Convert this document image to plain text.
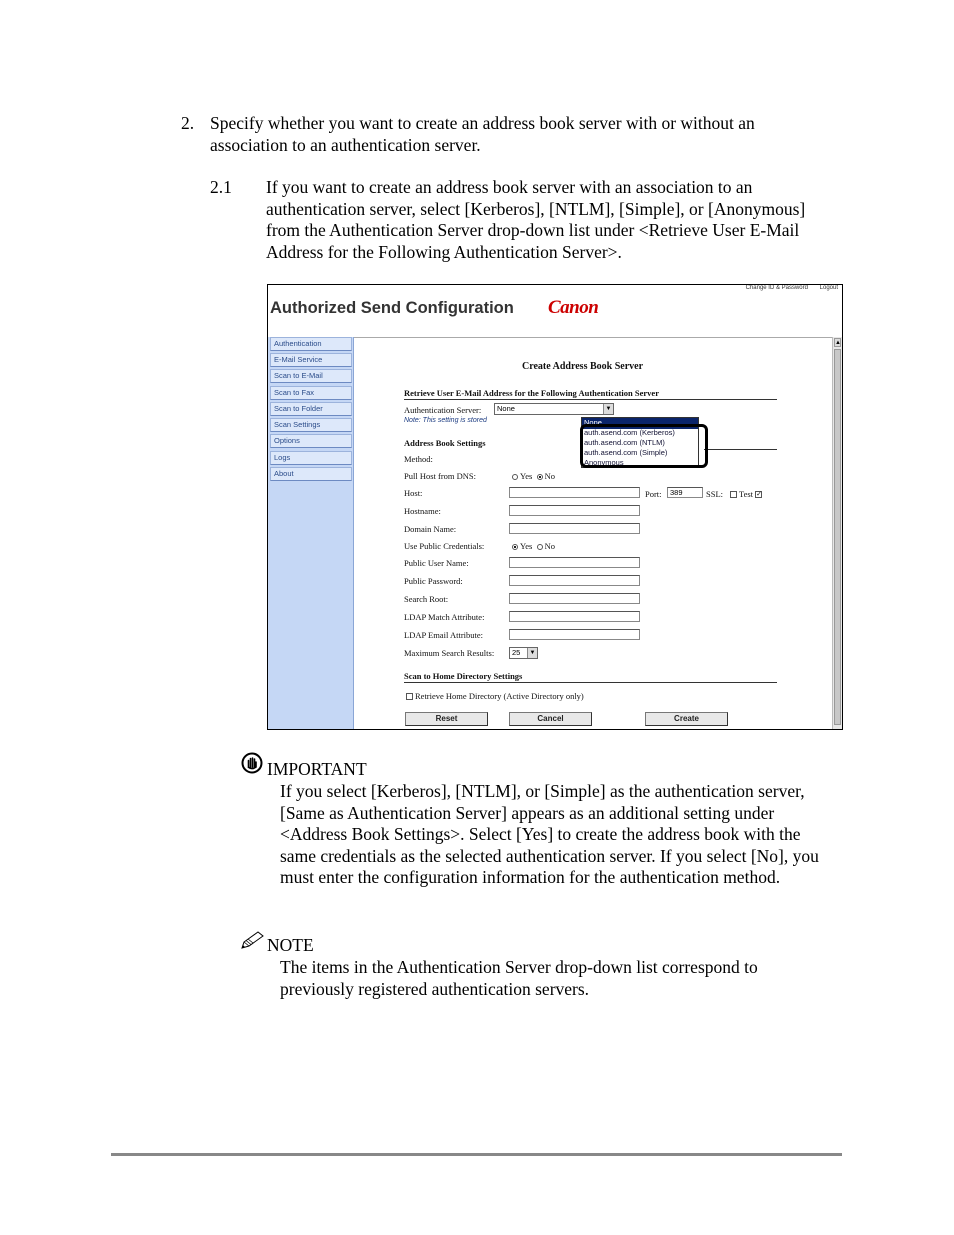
2. Specify whether you want to create an address book server with or without an association to an authentication server.
2.1 If you want to create an address book server with an association to an authentication server, select [Kerberos], [NTLM], [Simple], or [Anonymous] from the Authentication Server drop-down list under <Retrieve User E-Mail Address for the Following Authentication Server>.
Authorized Send Configuration Canon
Change ID & Password Logout
Authentication
E-Mail Service
Scan to E-Mail
Scan to Fax
Scan to Folder
Scan Settings
Options
Logs
About
Create Address Book Server
Retrieve User E-Mail Address for the Following Authentication Server
Authentication Server:	None	▼
Note: This setting is stored
Address Book Settings
Method:
Pull Host from DNS:	Yes No
Host:	Port:	389	SSL:	Test ✓
Hostname:
Domain Name:
Use Public Credentials:	Yes No
Public User Name:
Public Password:
Search Root:
LDAP Match Attribute:
LDAP Email Attribute:
Maximum Search Results:	25	▼
Scan to Home Directory Settings
Retrieve Home Directory (Active Directory only)
Reset	Cancel	Create
None
auth.asend.com (Kerberos)
auth.asend.com (NTLM)
auth.asend.com (Simple)
Anonymous
▲
IMPORTANT
If you select [Kerberos], [NTLM], or [Simple] as the authentication server, [Same as Authentication Server] appears as an additional setting under <Address Book Settings>. Select [Yes] to create the address book with the same credentials as the selected authentication server. If you select [No], you must enter the configuration information for the authentication method.
NOTE
The items in the Authentication Server drop-down list correspond to previously registered authentication servers.
